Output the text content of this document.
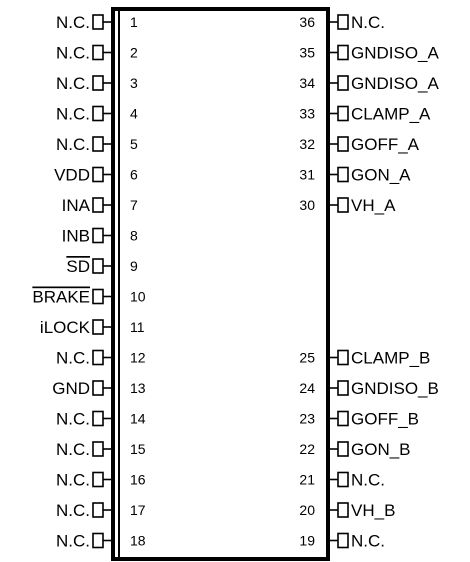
N.C.	1
N.C.	2
N.C.	3
N.C.	4
N.C.	5
VDD	6
INA	7
INB	8
SD	9
BRAKE	10
iLOCK	11
N.C.	12
GND	13
N.C.	14
N.C.	15
N.C.	16
N.C.	17
N.C.	18
36 N.C.
35 GNDISO_A
34 GNDISO_A
33 CLAMP_A
32 GOFF_A
31 GON_A
30 VH_A
25 CLAMP_B
24 GNDISO_B
23 GOFF_B
22 GON_B
21 N.C.
20 VH_B
19 N.C.
